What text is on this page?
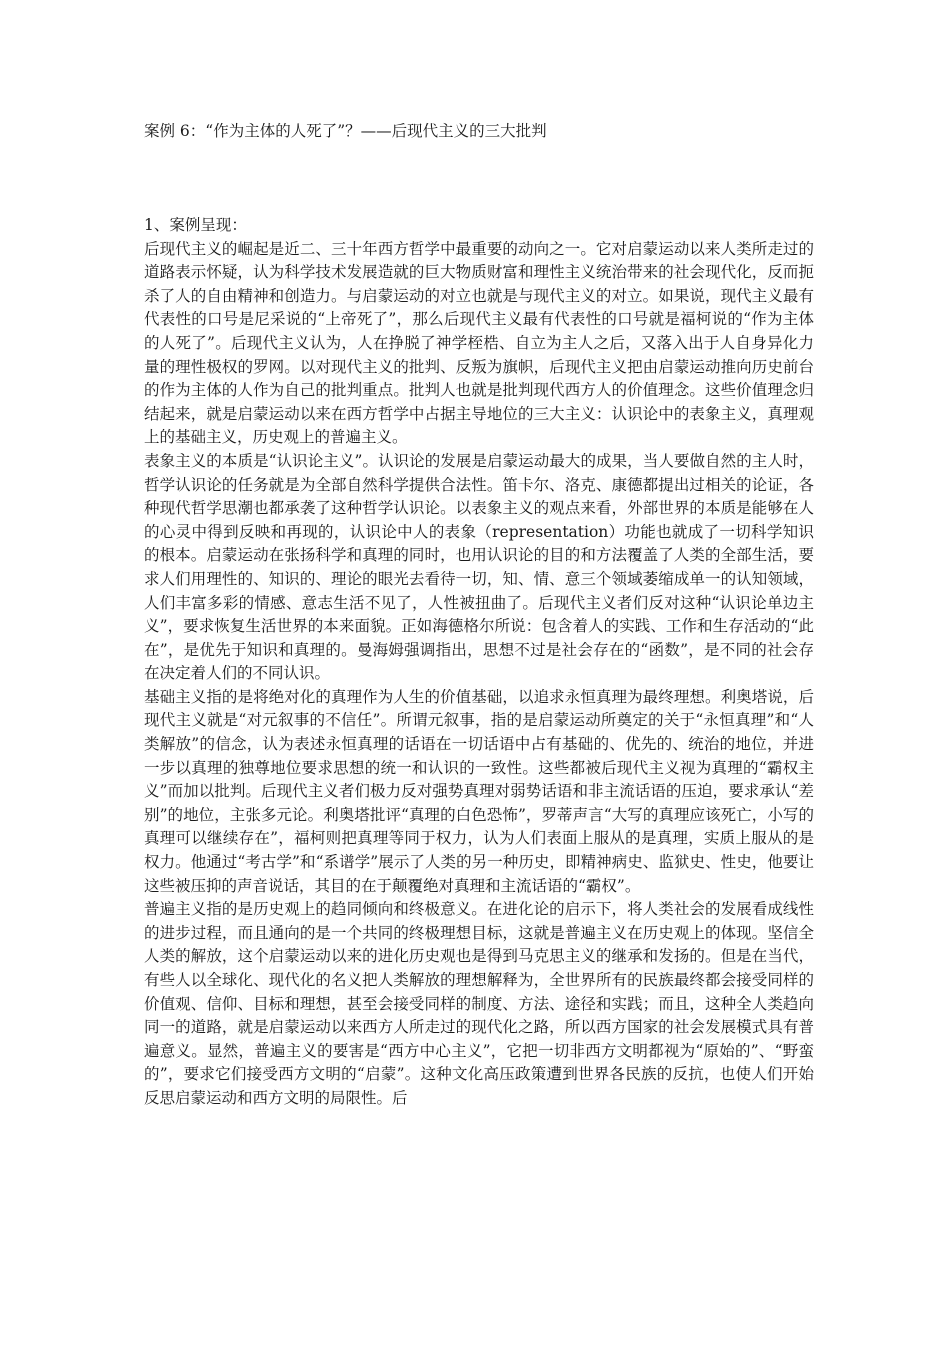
案例 6：“作为主体的人死了”？——后现代主义的三大批判

1、案例呈现：

后现代主义的崛起是近二、三十年西方哲学中最重要的动向之一。它对启蒙运动以来人类所走过的道路表示怀疑，认为科学技术发展造就的巨大物质财富和理性主义统治带来的社会现代化，反而扼杀了人的自由精神和创造力。与启蒙运动的对立也就是与现代主义的对立。如果说，现代主义最有代表性的口号是尼采说的“上帝死了”，那么后现代主义最有代表性的口号就是福柯说的“作为主体的人死了”。后现代主义认为，人在挣脱了神学桎梏、自立为主人之后，又落入出于人自身异化力量的理性极权的罗网。以对现代主义的批判、反叛为旗帜，后现代主义把由启蒙运动推向历史前台的作为主体的人作为自己的批判重点。批判人也就是批判现代西方人的价值理念。这些价值理念归结起来，就是启蒙运动以来在西方哲学中占据主导地位的三大主义：认识论中的表象主义，真理观上的基础主义，历史观上的普遍主义。

表象主义的本质是“认识论主义”。认识论的发展是启蒙运动最大的成果，当人要做自然的主人时，哲学认识论的任务就是为全部自然科学提供合法性。笛卡尔、洛克、康德都提出过相关的论证，各种现代哲学思潮也都承袭了这种哲学认识论。以表象主义的观点来看，外部世界的本质是能够在人的心灵中得到反映和再现的，认识论中人的表象（representation）功能也就成了一切科学知识的根本。启蒙运动在张扬科学和真理的同时，也用认识论的目的和方法覆盖了人类的全部生活，要求人们用理性的、知识的、理论的眼光去看待一切，知、情、意三个领域萎缩成单一的认知领域，人们丰富多彩的情感、意志生活不见了，人性被扭曲了。后现代主义者们反对这种“认识论单边主义”，要求恢复生活世界的本来面貌。正如海德格尔所说：包含着人的实践、工作和生存活动的“此在”，是优先于知识和真理的。曼海姆强调指出，思想不过是社会存在的“函数”，是不同的社会存在决定着人们的不同认识。

基础主义指的是将绝对化的真理作为人生的价值基础，以追求永恒真理为最终理想。利奥塔说，后现代主义就是“对元叙事的不信任”。所谓元叙事，指的是启蒙运动所奠定的关于“永恒真理”和“人类解放”的信念，认为表述永恒真理的话语在一切话语中占有基础的、优先的、统治的地位，并进一步以真理的独尊地位要求思想的统一和认识的一致性。这些都被后现代主义视为真理的“霸权主义”而加以批判。后现代主义者们极力反对强势真理对弱势话语和非主流话语的压迫，要求承认“差别”的地位，主张多元论。利奥塔批评“真理的白色恐怖”，罗蒂声言“大写的真理应该死亡，小写的真理可以继续存在”，福柯则把真理等同于权力，认为人们表面上服从的是真理，实质上服从的是权力。他通过“考古学”和“系谱学”展示了人类的另一种历史，即精神病史、监狱史、性史，他要让这些被压抑的声音说话，其目的在于颠覆绝对真理和主流话语的“霸权”。

普遍主义指的是历史观上的趋同倾向和终极意义。在进化论的启示下，将人类社会的发展看成线性的进步过程，而且通向的是一个共同的终极理想目标，这就是普遍主义在历史观上的体现。坚信全人类的解放，这个启蒙运动以来的进化历史观也是得到马克思主义的继承和发扬的。但是在当代，有些人以全球化、现代化的名义把人类解放的理想解释为，全世界所有的民族最终都会接受同样的价值观、信仰、目标和理想，甚至会接受同样的制度、方法、途径和实践；而且，这种全人类趋向同一的道路，就是启蒙运动以来西方人所走过的现代化之路，所以西方国家的社会发展模式具有普遍意义。显然，普遍主义的要害是“西方中心主义”，它把一切非西方文明都视为“原始的”、“野蛮的”，要求它们接受西方文明的“启蒙”。这种文化高压政策遭到世界各民族的反抗，也使人们开始反思启蒙运动和西方文明的局限性。后
